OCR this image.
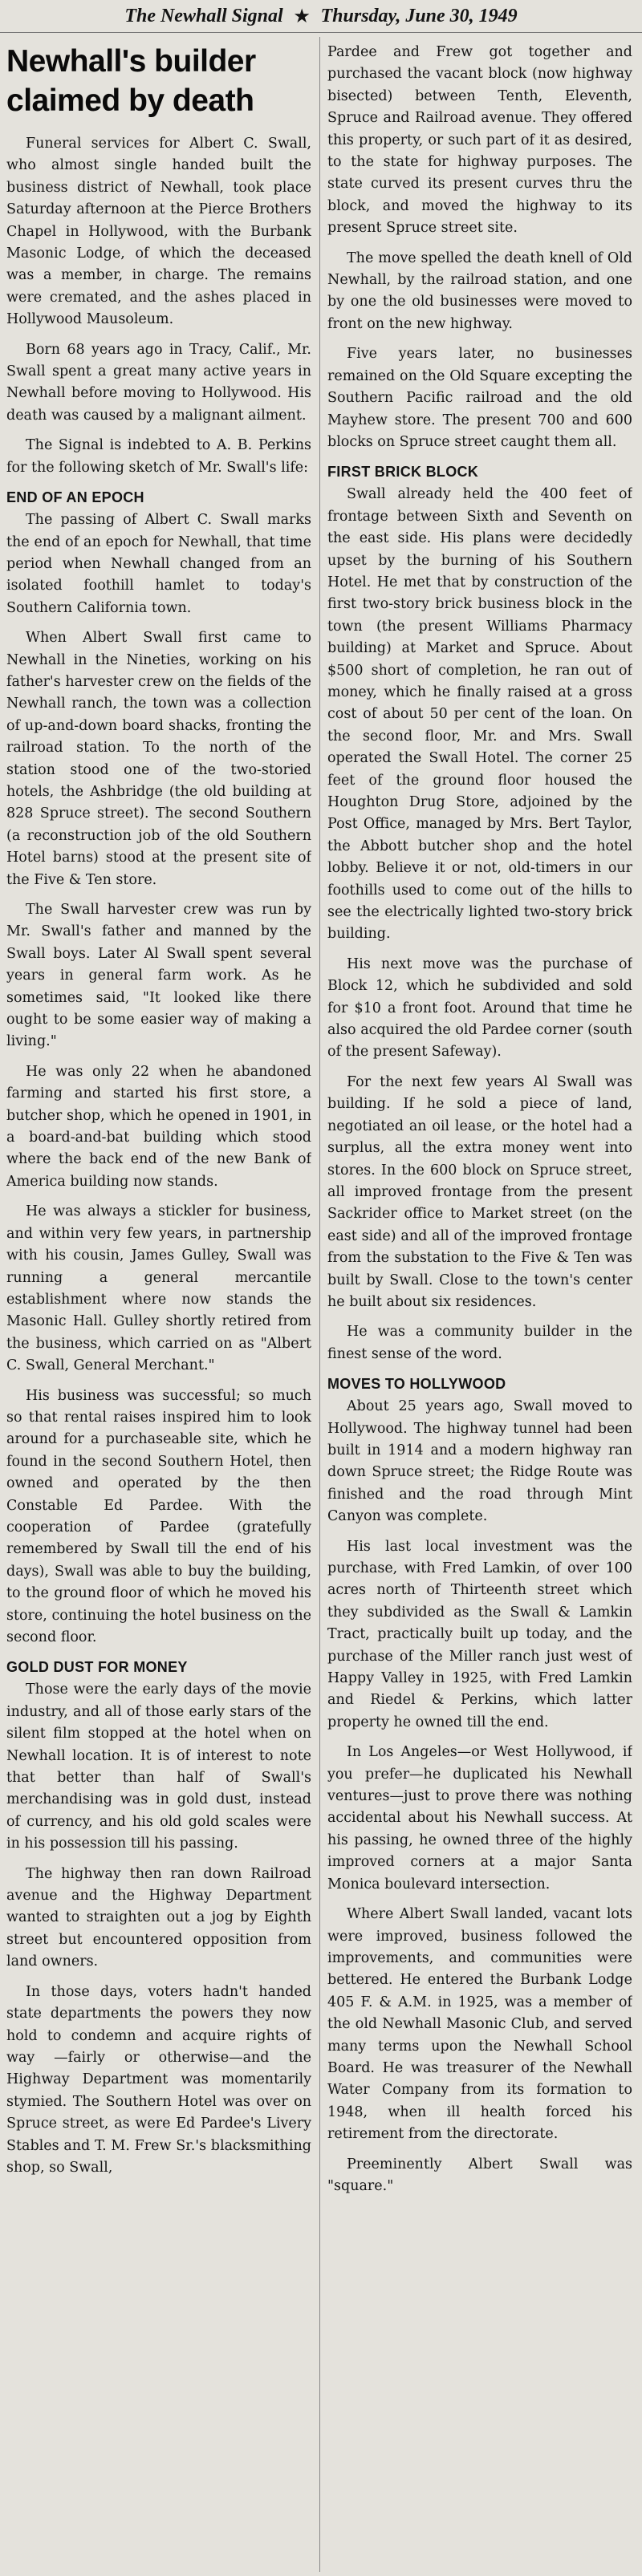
The Newhall Signal ★ Thursday, June 30, 1949
Newhall's builder claimed by death

Funeral services for Albert C. Swall, who almost single handed built the business district of Newhall, took place Saturday afternoon at the Pierce Brothers Chapel in Hollywood, with the Burbank Masonic Lodge, of which the deceased was a member, in charge. The remains were cremated, and the ashes placed in Hollywood Mausoleum.

Born 68 years ago in Tracy, Calif., Mr. Swall spent a great many active years in Newhall before moving to Hollywood. His death was caused by a malignant ailment.

The Signal is indebted to A. B. Perkins for the following sketch of Mr. Swall's life:

END OF AN EPOCH

The passing of Albert C. Swall marks the end of an epoch for Newhall, that time period when Newhall changed from an isolated foothill hamlet to today's Southern California town.

When Albert Swall first came to Newhall in the Nineties, working on his father's harvester crew on the fields of the Newhall ranch, the town was a collection of up-and-down board shacks, fronting the railroad station. To the north of the station stood one of the two-storied hotels, the Ashbridge (the old building at 828 Spruce street). The second Southern (a reconstruction job of the old Southern Hotel barns) stood at the present site of the Five & Ten store.

The Swall harvester crew was run by Mr. Swall's father and manned by the Swall boys. Later Al Swall spent several years in general farm work. As he sometimes said, "It looked like there ought to be some easier way of making a living."

He was only 22 when he abandoned farming and started his first store, a butcher shop, which he opened in 1901, in a board-and-bat building which stood where the back end of the new Bank of America building now stands.

He was always a stickler for business, and within very few years, in partnership with his cousin, James Gulley, Swall was running a general mercantile establishment where now stands the Masonic Hall. Gulley shortly retired from the business, which carried on as "Albert C. Swall, General Merchant."

His business was successful; so much so that rental raises inspired him to look around for a purchaseable site, which he found in the second Southern Hotel, then owned and operated by the then Constable Ed Pardee. With the cooperation of Pardee (gratefully remembered by Swall till the end of his days), Swall was able to buy the building, to the ground floor of which he moved his store, continuing the hotel business on the second floor.

GOLD DUST FOR MONEY

Those were the early days of the movie industry, and all of those early stars of the silent film stopped at the hotel when on Newhall location. It is of interest to note that better than half of Swall's merchandising was in gold dust, instead of currency, and his old gold scales were in his possession till his passing.

The highway then ran down Railroad avenue and the Highway Department wanted to straighten out a jog by Eighth street but encountered opposition from land owners.

In those days, voters hadn't handed state departments the powers they now hold to condemn and acquire rights of way —fairly or otherwise—and the Highway Department was momentarily stymied. The Southern Hotel was over on Spruce street, as were Ed Pardee's Livery Stables and T. M. Frew Sr.'s blacksmithing shop, so Swall,

Pardee and Frew got together and purchased the vacant block (now highway bisected) between Tenth, Eleventh, Spruce and Railroad avenue. They offered this property, or such part of it as desired, to the state for highway purposes. The state curved its present curves thru the block, and moved the highway to its present Spruce street site.

The move spelled the death knell of Old Newhall, by the railroad station, and one by one the old businesses were moved to front on the new highway.

Five years later, no businesses remained on the Old Square excepting the Southern Pacific railroad and the old Mayhew store. The present 700 and 600 blocks on Spruce street caught them all.

FIRST BRICK BLOCK

Swall already held the 400 feet of frontage between Sixth and Seventh on the east side. His plans were decidedly upset by the burning of his Southern Hotel. He met that by construction of the first two-story brick business block in the town (the present Williams Pharmacy building) at Market and Spruce. About $500 short of completion, he ran out of money, which he finally raised at a gross cost of about 50 per cent of the loan. On the second floor, Mr. and Mrs. Swall operated the Swall Hotel. The corner 25 feet of the ground floor housed the Houghton Drug Store, adjoined by the Post Office, managed by Mrs. Bert Taylor, the Abbott butcher shop and the hotel lobby. Believe it or not, old-timers in our foothills used to come out of the hills to see the electrically lighted two-story brick building.

His next move was the purchase of Block 12, which he subdivided and sold for $10 a front foot. Around that time he also acquired the old Pardee corner (south of the present Safeway).

For the next few years Al Swall was building. If he sold a piece of land, negotiated an oil lease, or the hotel had a surplus, all the extra money went into stores. In the 600 block on Spruce street, all improved frontage from the present Sackrider office to Market street (on the east side) and all of the improved frontage from the substation to the Five & Ten was built by Swall. Close to the town's center he built about six residences.

He was a community builder in the finest sense of the word.

MOVES TO HOLLYWOOD

About 25 years ago, Swall moved to Hollywood. The highway tunnel had been built in 1914 and a modern highway ran down Spruce street; the Ridge Route was finished and the road through Mint Canyon was complete.

His last local investment was the purchase, with Fred Lamkin, of over 100 acres north of Thirteenth street which they subdivided as the Swall & Lamkin Tract, practically built up today, and the purchase of the Miller ranch just west of Happy Valley in 1925, with Fred Lamkin and Riedel & Perkins, which latter property he owned till the end.

In Los Angeles—or West Hollywood, if you prefer—he duplicated his Newhall ventures—just to prove there was nothing accidental about his Newhall success. At his passing, he owned three of the highly improved corners at a major Santa Monica boulevard intersection.

Where Albert Swall landed, vacant lots were improved, business followed the improvements, and communities were bettered. He entered the Burbank Lodge 405 F. & A.M. in 1925, was a member of the old Newhall Masonic Club, and served many terms upon the Newhall School Board. He was treasurer of the Newhall Water Company from its formation to 1948, when ill health forced his retirement from the directorate.

Preeminently Albert Swall was "square."
